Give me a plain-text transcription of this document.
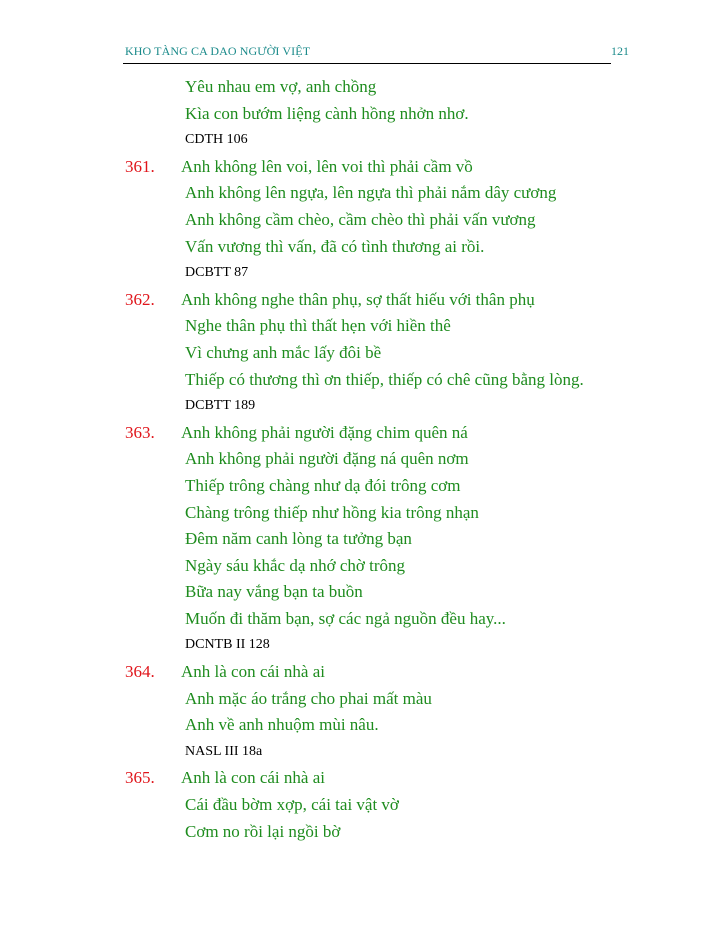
KHO TÀNG CA DAO NGƯỜI VIỆT	121
Yêu nhau em vợ, anh chồng
Kìa con bướm liệng cành hồng nhởn nhơ.
CDTH 106
361. Anh không lên voi, lên voi thì phải cầm vồ
Anh không lên ngựa, lên ngựa thì phải nắm dây cương
Anh không cầm chèo, cầm chèo thì phải vấn vương
Vấn vương thì vấn, đã có tình thương ai rồi.
DCBTT 87
362. Anh không nghe thân phụ, sợ thất hiếu với thân phụ
Nghe thân phụ thì thất hẹn với hiền thê
Vì chưng anh mắc lấy đôi bề
Thiếp có thương thì ơn thiếp, thiếp có chê cũng bằng lòng.
DCBTT 189
363. Anh không phải người đặng chim quên ná
Anh không phải người đặng ná quên nơm
Thiếp trông chàng như dạ đói trông cơm
Chàng trông thiếp như hồng kia trông nhạn
Đêm năm canh lòng ta tưởng bạn
Ngày sáu khắc dạ nhớ chờ trông
Bữa nay vắng bạn ta buồn
Muốn đi thăm bạn, sợ các ngả nguồn đều hay...
DCNTB II 128
364. Anh là con cái nhà ai
Anh mặc áo trắng cho phai mất màu
Anh về anh nhuộm mùi nâu.
NASL III 18a
365. Anh là con cái nhà ai
Cái đầu bờm xợp, cái tai vật vờ
Cơm no rồi lại ngồi bờ
